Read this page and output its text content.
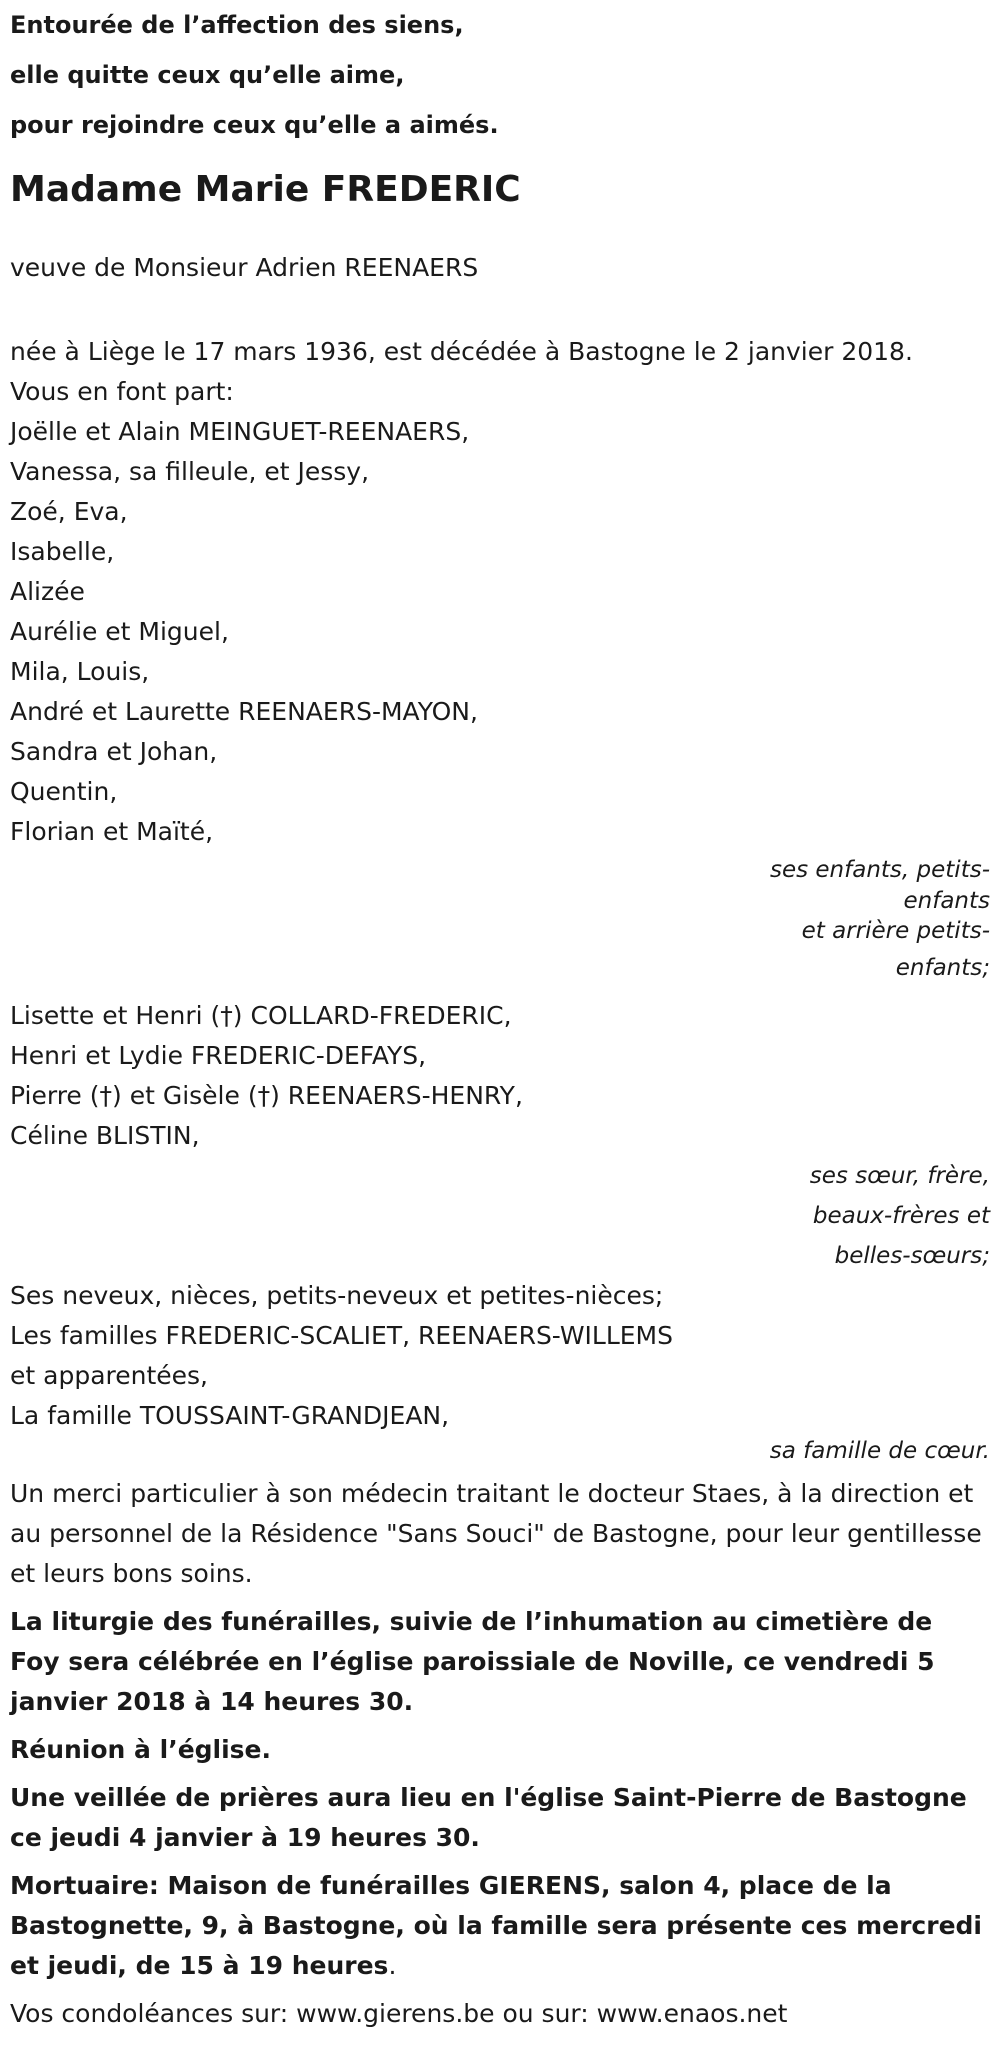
Entourée de l’affection des siens,
elle quitte ceux qu’elle aime,
pour rejoindre ceux qu’elle a aimés.
Madame Marie FREDERIC
veuve de Monsieur Adrien REENAERS
née à Liège le 17 mars 1936, est décédée à Bastogne le 2 janvier 2018.
Vous en font part:
Joëlle et Alain MEINGUET-REENAERS,
Vanessa, sa filleule, et Jessy,
Zoé, Eva,
Isabelle,
Alizée
Aurélie et Miguel,
Mila, Louis,
André et Laurette REENAERS-MAYON,
Sandra et Johan,
Quentin,
Florian et Maïté,
ses enfants, petits-
enfants
et arrière petits-
enfants;
Lisette et Henri (†) COLLARD-FREDERIC,
Henri et Lydie FREDERIC-DEFAYS,
Pierre (†) et Gisèle (†) REENAERS-HENRY,
Céline BLISTIN,
ses sœur, frère,
beaux-frères et
belles-sœurs;
Ses neveux, nièces, petits-neveux et petites-nièces;
Les familles FREDERIC-SCALIET, REENAERS-WILLEMS
et apparentées,
La famille TOUSSAINT-GRANDJEAN,
sa famille de cœur.
Un merci particulier à son médecin traitant le docteur Staes, à la direction et au personnel de la Résidence "Sans Souci" de Bastogne, pour leur gentillesse et leurs bons soins.
La liturgie des funérailles, suivie de l’inhumation au cimetière de Foy sera célébrée en l’église paroissiale de Noville, ce vendredi 5 janvier 2018 à 14 heures 30.
Réunion à l’église.
Une veillée de prières aura lieu en l'église Saint-Pierre de Bastogne ce jeudi 4 janvier à 19 heures 30.
Mortuaire: Maison de funérailles GIERENS, salon 4, place de la Bastognette, 9, à Bastogne, où la famille sera présente ces mercredi et jeudi, de 15 à 19 heures.
Vos condoléances sur: www.gierens.be ou sur: www.enaos.net
